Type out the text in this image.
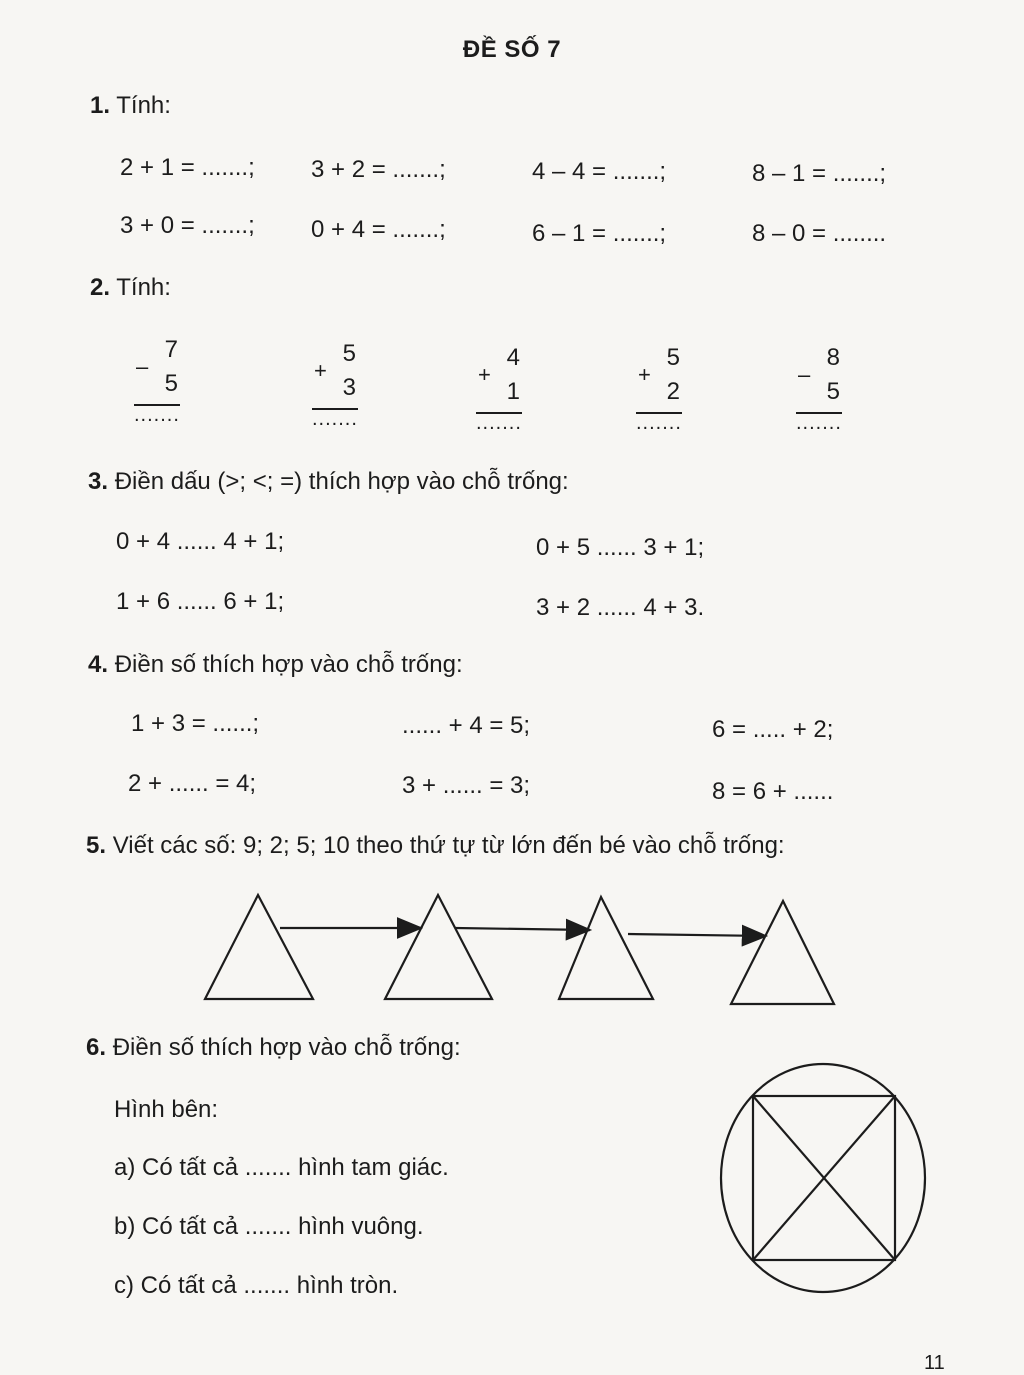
ĐỀ SỐ 7
1. Tính:
2 + 1 = .......; 3 + 2 = .......;	4 – 4 = .......;	8 – 1 = .......;
3 + 0 = .......; 0 + 4 = .......;	6 – 1 = .......;	8 – 0 = ........
2. Tính:
7
–
5
.......
5
+
3
.......
4
+
1
.......
5
+
2
.......
8
–
5
.......
3. Điền dấu (>; <; =) thích hợp vào chỗ trống:
0 + 4 ...... 4 + 1;	0 + 5 ...... 3 + 1;
1 + 6 ...... 6 + 1;	3 + 2 ...... 4 + 3.
4. Điền số thích hợp vào chỗ trống:
1 + 3 = ......;	...... + 4 = 5;	6 = ..... + 2;
2 + ...... = 4;	3 + ...... = 3;	8 = 6 + ......
5. Viết các số: 9; 2; 5; 10 theo thứ tự từ lớn đến bé vào chỗ trống:
6. Điền số thích hợp vào chỗ trống:
Hình bên:
a) Có tất cả ....... hình tam giác.
b) Có tất cả ....... hình vuông.
c) Có tất cả ....... hình tròn.
11
